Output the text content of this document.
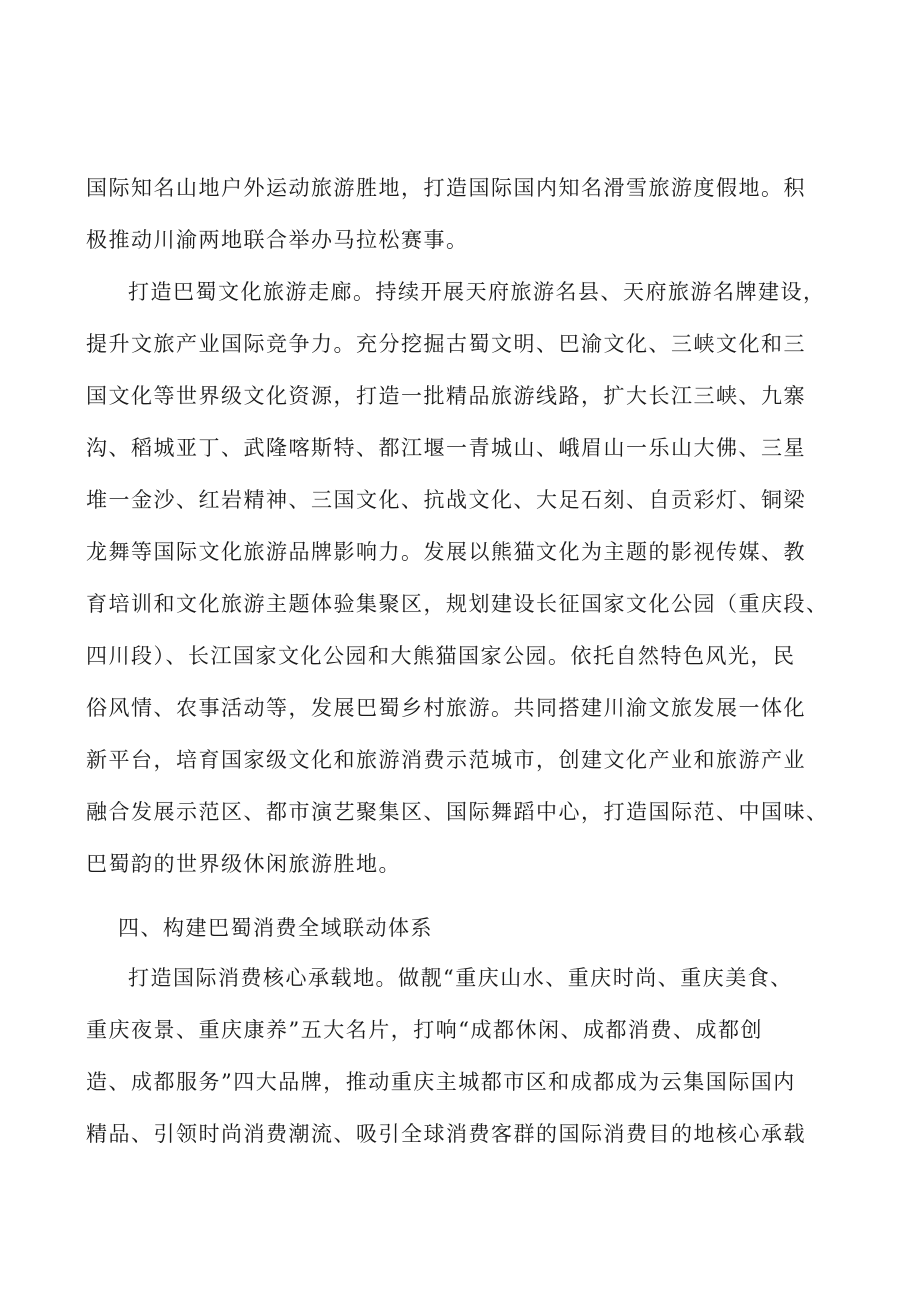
国际知名山地户外运动旅游胜地，打造国际国内知名滑雪旅游度假地。积
极推动川渝两地联合举办马拉松赛事。
打造巴蜀文化旅游走廊。持续开展天府旅游名县、天府旅游名牌建设，
提升文旅产业国际竞争力。充分挖掘古蜀文明、巴渝文化、三峡文化和三
国文化等世界级文化资源，打造一批精品旅游线路，扩大长江三峡、九寨
沟、稻城亚丁、武隆喀斯特、都江堰一青城山、峨眉山一乐山大佛、三星
堆一金沙、红岩精神、三国文化、抗战文化、大足石刻、自贡彩灯、铜梁
龙舞等国际文化旅游品牌影响力。发展以熊猫文化为主题的影视传媒、教
育培训和文化旅游主题体验集聚区，规划建设长征国家文化公园（重庆段、
四川段）、长江国家文化公园和大熊猫国家公园。依托自然特色风光，民
俗风情、农事活动等，发展巴蜀乡村旅游。共同搭建川渝文旅发展一体化
新平台，培育国家级文化和旅游消费示范城市，创建文化产业和旅游产业
融合发展示范区、都市演艺聚集区、国际舞蹈中心，打造国际范、中国味、
巴蜀韵的世界级休闲旅游胜地。
四、构建巴蜀消费全域联动体系
打造国际消费核心承载地。做靓“重庆山水、重庆时尚、重庆美食、
重庆夜景、重庆康养”五大名片，打响“成都休闲、成都消费、成都创
造、成都服务”四大品牌，推动重庆主城都市区和成都成为云集国际国内
精品、引领时尚消费潮流、吸引全球消费客群的国际消费目的地核心承载
